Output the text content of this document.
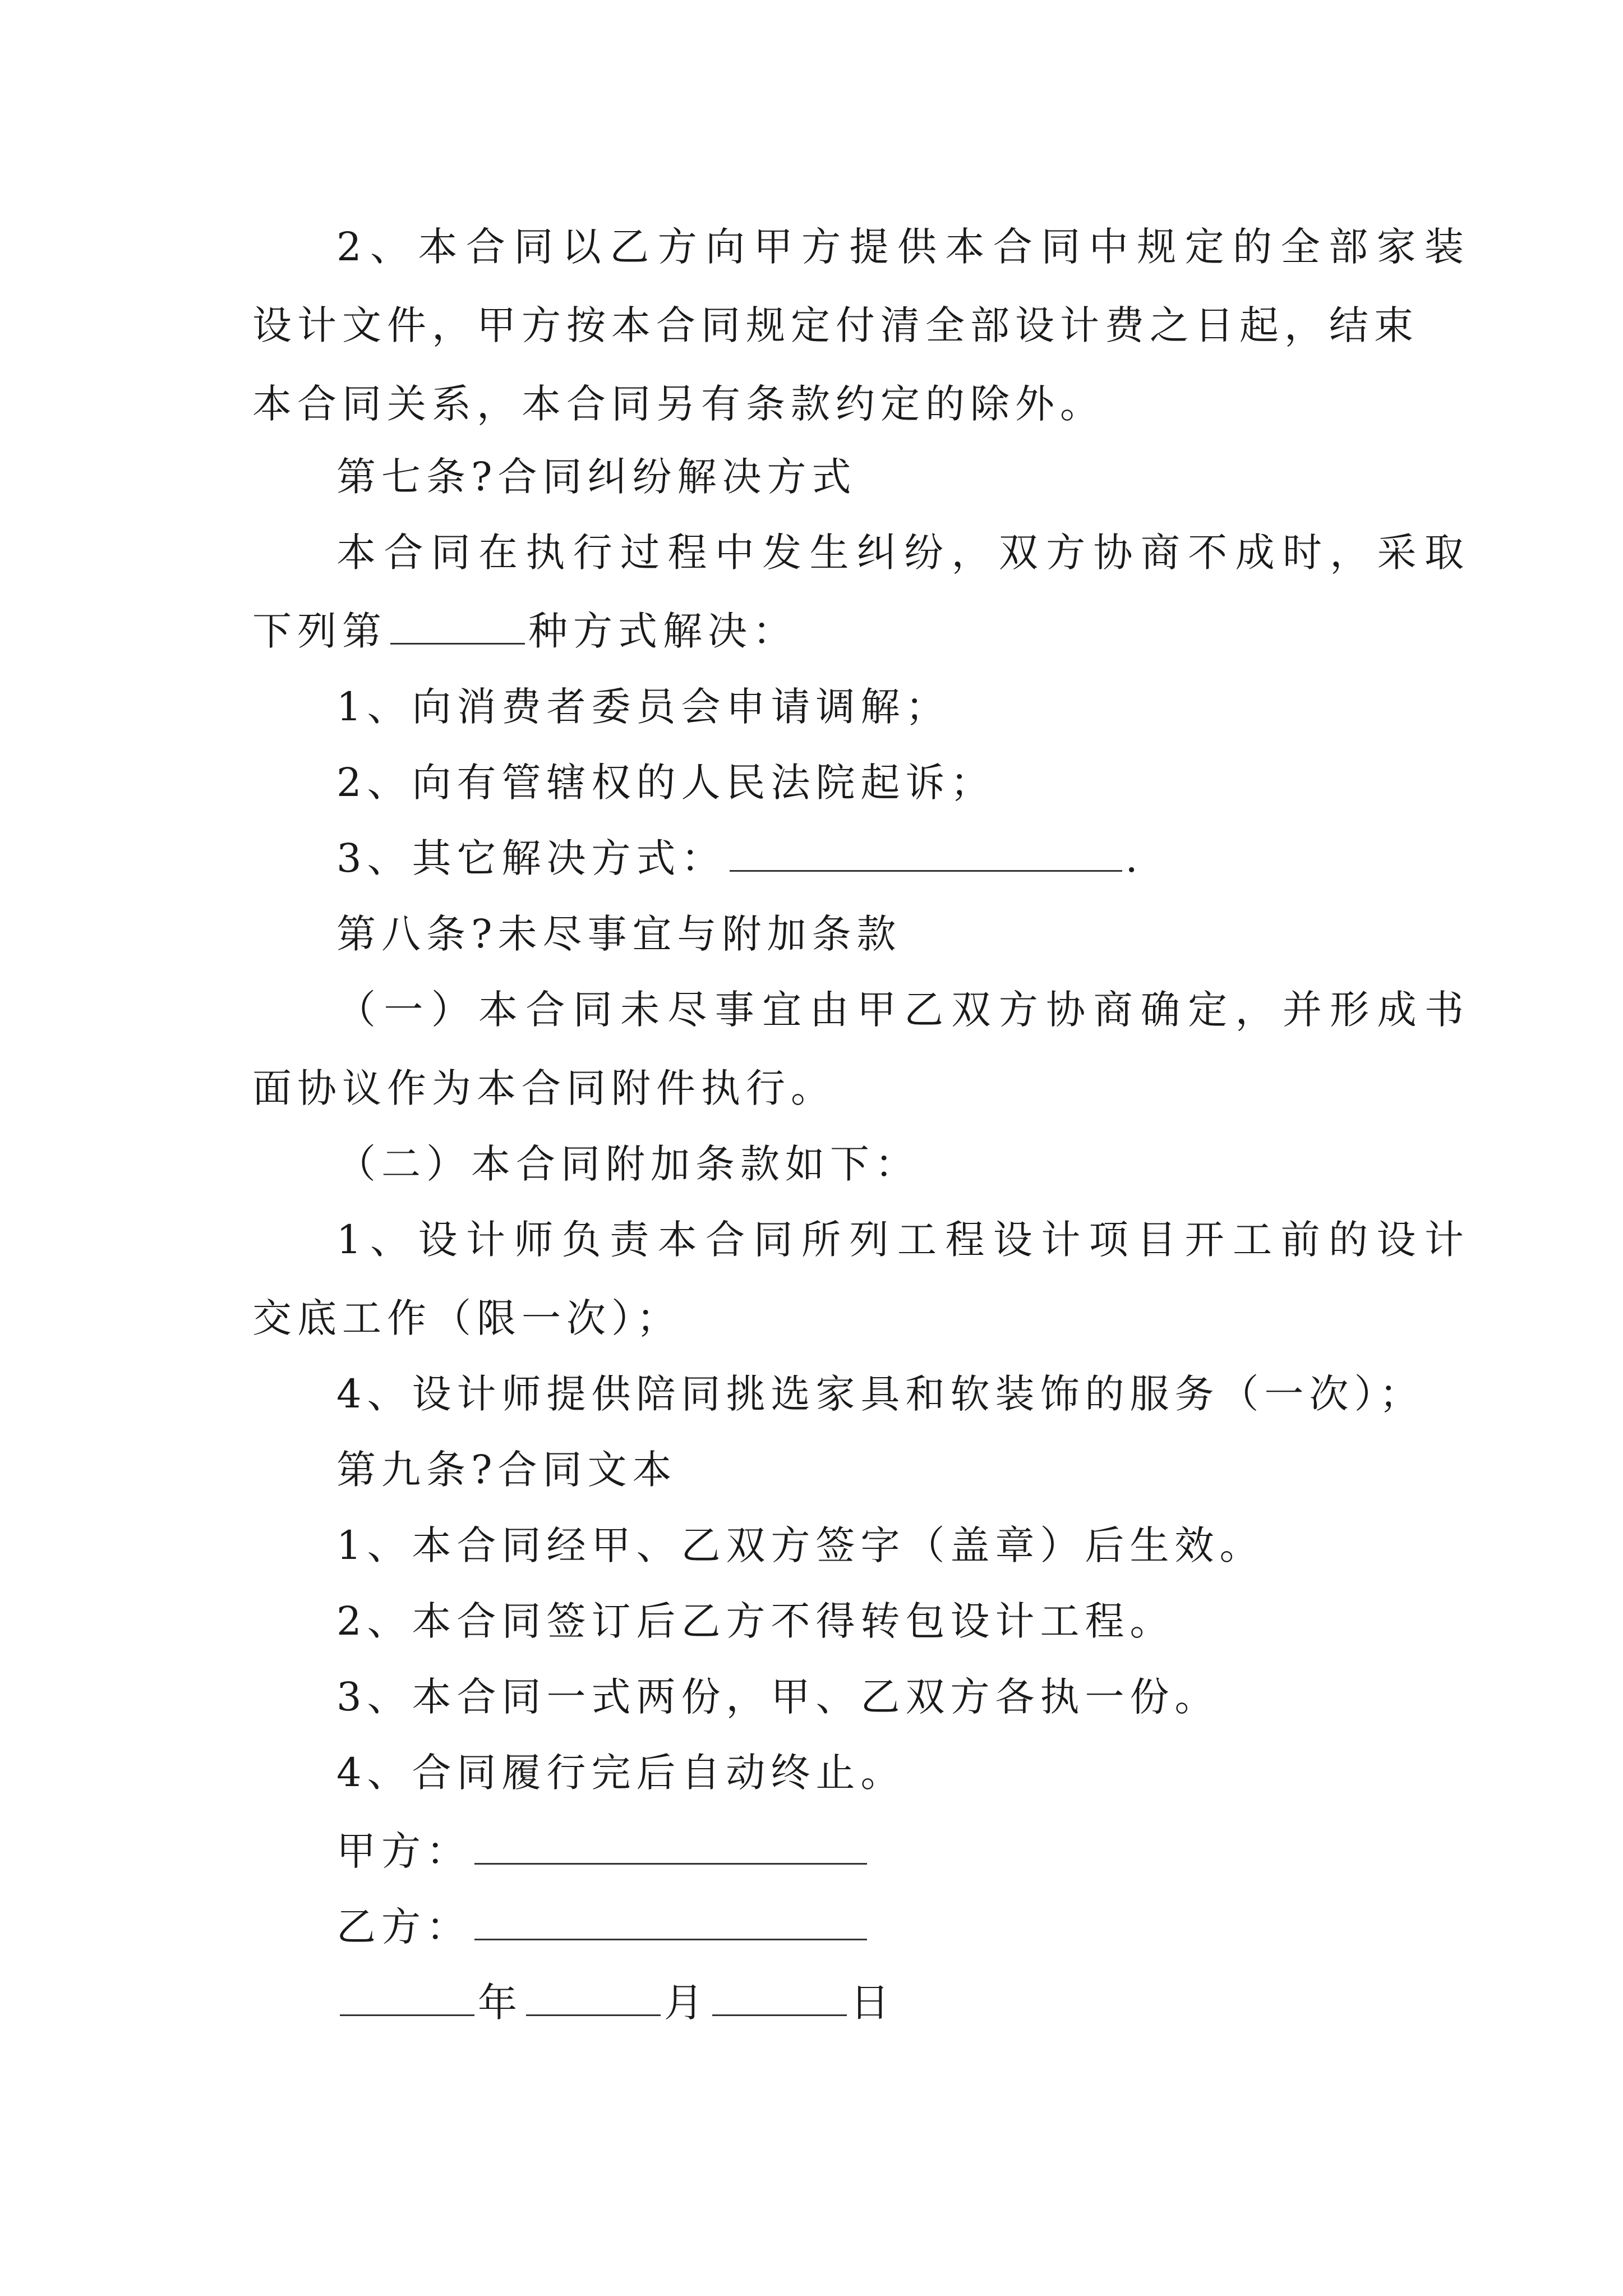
2、本合同以乙方向甲方提供本合同中规定的全部家装
设计文件，甲方按本合同规定付清全部设计费之日起，结束
本合同关系，本合同另有条款约定的除外。
第七条?合同纠纷解决方式
本合同在执行过程中发生纠纷，双方协商不成时，采取
下列第	种方式解决：
1、向消费者委员会申请调解；
2、向有管辖权的人民法院起诉；
3、其它解决方式：	.
第八条?未尽事宜与附加条款
（一）本合同未尽事宜由甲乙双方协商确定，并形成书
面协议作为本合同附件执行。
（二）本合同附加条款如下：
1、设计师负责本合同所列工程设计项目开工前的设计
交底工作（限一次）；
4、设计师提供陪同挑选家具和软装饰的服务（一次）；
第九条?合同文本
1、本合同经甲、乙双方签字（盖章）后生效。
2、本合同签订后乙方不得转包设计工程。
3、本合同一式两份，甲、乙双方各执一份。
4、合同履行完后自动终止。
甲方：
乙方：
年	月	日
